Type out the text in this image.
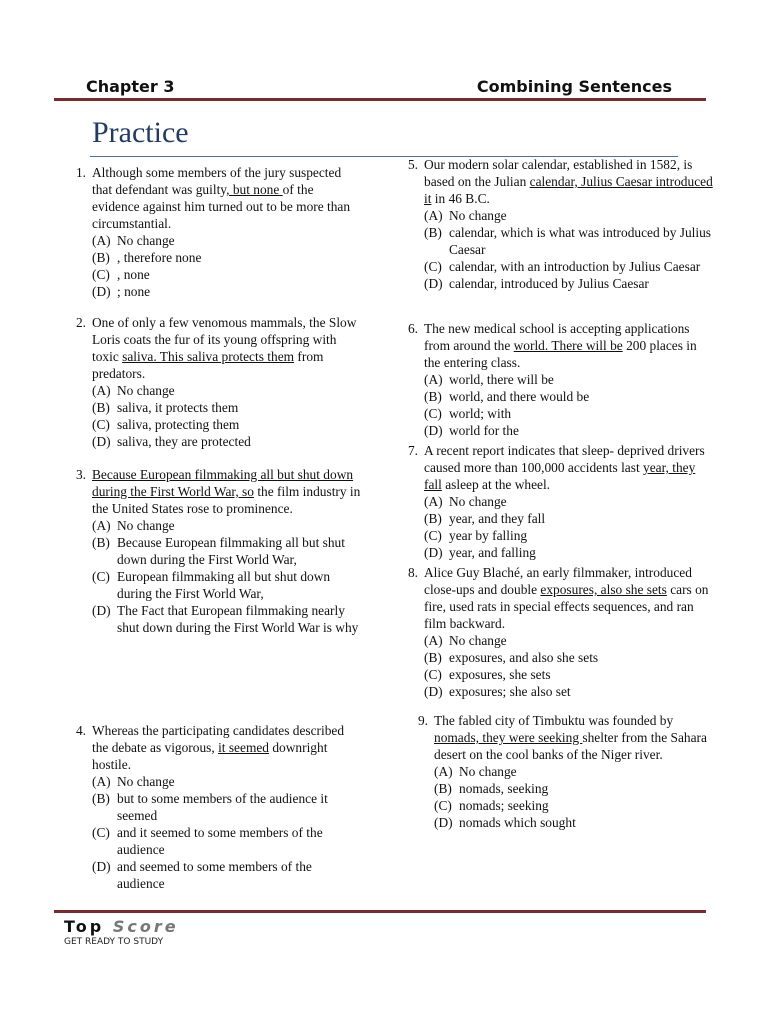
Chapter 3	Combining Sentences
Practice
1. Although some members of the jury suspected that defendant was guilty, but none of the evidence against him turned out to be more than circumstantial.
(A) No change
(B) , therefore none
(C) , none
(D) ; none
2. One of only a few venomous mammals, the Slow Loris coats the fur of its young offspring with toxic saliva. This saliva protects them from predators.
(A) No change
(B) saliva, it protects them
(C) saliva, protecting them
(D) saliva, they are protected
3. Because European filmmaking all but shut down during the First World War, so the film industry in the United States rose to prominence.
(A) No change
(B) Because European filmmaking all but shut down during the First World War,
(C) European filmmaking all but shut down during the First World War,
(D) The Fact that European filmmaking nearly shut down during the First World War is why
4. Whereas the participating candidates described the debate as vigorous, it seemed downright hostile.
(A) No change
(B) but to some members of the audience it seemed
(C) and it seemed to some members of the audience
(D) and seemed to some members of the audience
5. Our modern solar calendar, established in 1582, is based on the Julian calendar, Julius Caesar introduced it in 46 B.C.
(A) No change
(B) calendar, which is what was introduced by Julius Caesar
(C) calendar, with an introduction by Julius Caesar
(D) calendar, introduced by Julius Caesar
6. The new medical school is accepting applications from around the world. There will be 200 places in the entering class.
(A) world, there will be
(B) world, and there would be
(C) world; with
(D) world for the
7. A recent report indicates that sleep- deprived drivers caused more than 100,000 accidents last year, they fall asleep at the wheel.
(A) No change
(B) year, and they fall
(C) year by falling
(D) year, and falling
8. Alice Guy Blaché, an early filmmaker, introduced close-ups and double exposures, also she sets cars on fire, used rats in special effects sequences, and ran film backward.
(A) No change
(B) exposures, and also she sets
(C) exposures, she sets
(D) exposures; she also set
9. The fabled city of Timbuktu was founded by nomads, they were seeking shelter from the Sahara desert on the cool banks of the Niger river.
(A) No change
(B) nomads, seeking
(C) nomads; seeking
(D) nomads which sought
Top Score
GET READY TO STUDY
